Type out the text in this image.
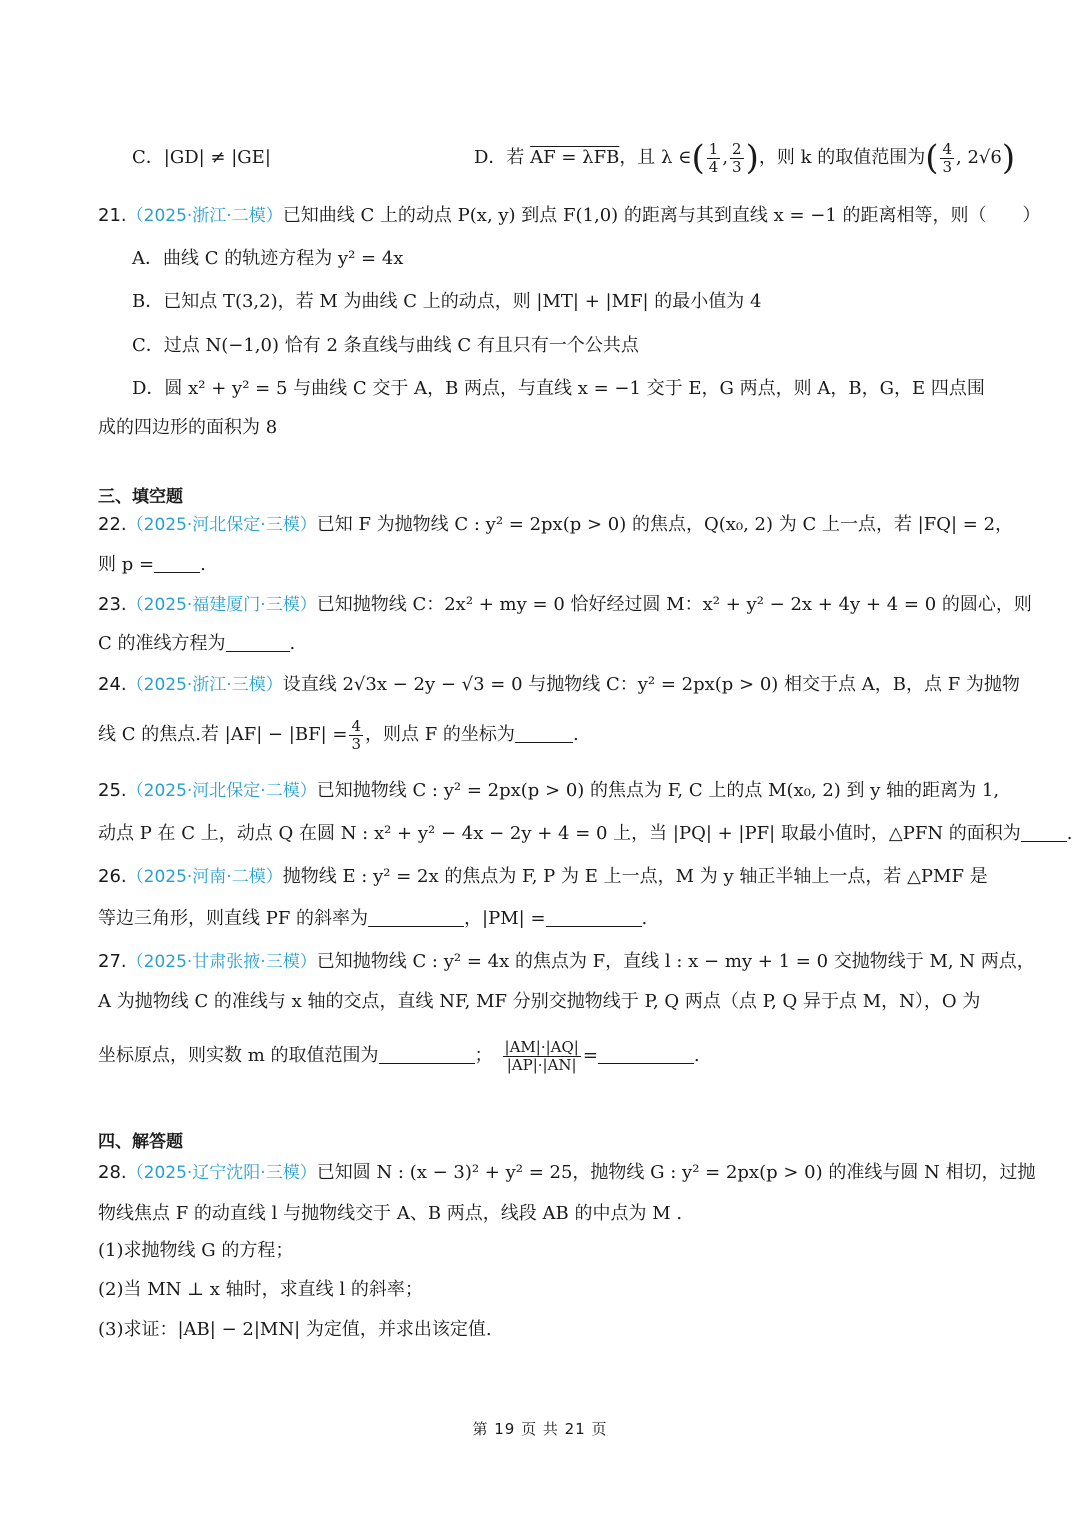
C．|GD| ≠ |GE|	D．若 AF = λFB，且 λ ∈( $\frac{1}{4}$ , $\frac{2}{3}$ )，则 k 的取值范围为( $\frac{4}{3}$ , 2√6)
21.（2025·浙江·二模）已知曲线 C 上的动点 P(x, y) 到点 F(1,0) 的距离与其到直线 x = −1 的距离相等，则（　　）
A．曲线 C 的轨迹方程为 y² = 4x
B．已知点 T(3,2)，若 M 为曲线 C 上的动点，则 |MT| + |MF| 的最小值为 4
C．过点 N(−1,0) 恰有 2 条直线与曲线 C 有且只有一个公共点
D．圆 x² + y² = 5 与曲线 C 交于 A，B 两点，与直线 x = −1 交于 E，G 两点，则 A，B，G，E 四点围
成的四边形的面积为 8
三、填空题
22.（2025·河北保定·三模）已知 F 为抛物线 C : y² = 2px(p > 0) 的焦点，Q(x₀, 2) 为 C 上一点，若 |FQ| = 2，
则 p =	.
23.（2025·福建厦门·三模）已知抛物线 C：2x² + my = 0 恰好经过圆 M：x² + y² − 2x + 4y + 4 = 0 的圆心，则
C 的准线方程为	.
24.（2025·浙江·三模）设直线 2√3x − 2y − √3 = 0 与抛物线 C：y² = 2px(p > 0) 相交于点 A，B，点 F 为抛物
线 C 的焦点.若 $|AF| - |BF| = \frac{4}{3}$ ，则点 F 的坐标为	.
25.（2025·河北保定·二模）已知抛物线 C : y² = 2px(p > 0) 的焦点为 F, C 上的点 M(x₀, 2) 到 y 轴的距离为 1,
动点 P 在 C 上，动点 Q 在圆 N : x² + y² − 4x − 2y + 4 = 0 上，当 |PQ| + |PF| 取最小值时，△PFN 的面积为	.
26.（2025·河南·二模）抛物线 E : y² = 2x 的焦点为 F, P 为 E 上一点，M 为 y 轴正半轴上一点，若 △PMF 是
等边三角形，则直线 PF 的斜率为	，|PM| =	.
27.（2025·甘肃张掖·三模）已知抛物线 C : y² = 4x 的焦点为 F，直线 l : x − my + 1 = 0 交抛物线于 M, N 两点，
A 为抛物线 C 的准线与 x 轴的交点，直线 NF, MF 分别交抛物线于 P, Q 两点（点 P, Q 异于点 M，N），O 为
坐标原点，则实数 m 的取值范围为	； $\frac{|AM|\cdot|AQ|}{|AP|\cdot|AN|}$ =	.
四、解答题
28.（2025·辽宁沈阳·三模）已知圆 N : (x − 3)² + y² = 25，抛物线 G : y² = 2px(p > 0) 的准线与圆 N 相切，过抛
物线焦点 F 的动直线 l 与抛物线交于 A、B 两点，线段 AB 的中点为 M .
(1)求抛物线 G 的方程；
(2)当 MN ⊥ x 轴时，求直线 l 的斜率；
(3)求证：|AB| − 2|MN| 为定值，并求出该定值.
第 19 页 共 21 页
